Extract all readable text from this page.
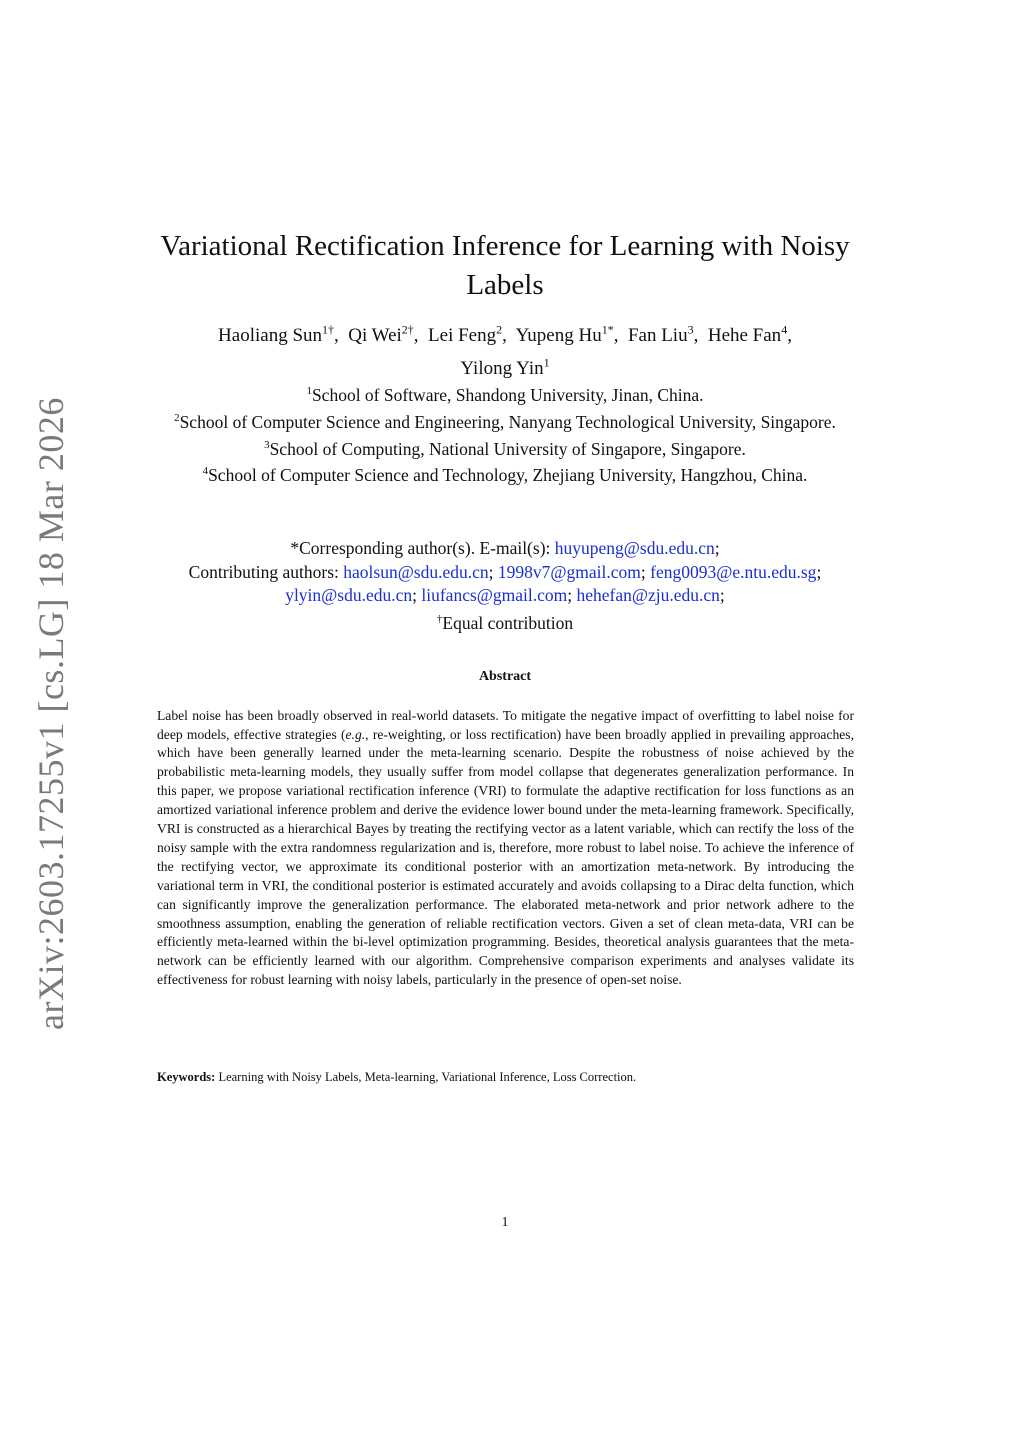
arXiv:2603.17255v1 [cs.LG] 18 Mar 2026
Variational Rectification Inference for Learning with Noisy Labels
Haoliang Sun$^{1\dagger}$, Qi Wei$^{2\dagger}$, Lei Feng$^2$, Yupeng $Hu^{1*}$, Fan Liu$^3$, Hehe Fan$^4$,
Yilong Yin$^1$
$^1$School of Software, Shandong University, Jinan, China.
$^2$School of Computer Science and Engineering, Nanyang Technological University, Singapore.
$^3$School of Computing, National University of Singapore, Singapore.
$^4$School of Computer Science and Technology, Zhejiang University, Hangzhou, China.
*Corresponding author(s). E-mail(s): huyupeng@sdu.edu.cn;
Contributing authors: haolsun@sdu.edu.cn; 1998v7@gmail.com; feng0093@e.ntu.edu.sg;
ylyin@sdu.edu.cn; liufancs@gmail.com; hehefan@zju.edu.cn;
†Equal contribution
Abstract

Label noise has been broadly observed in real-world datasets. To mitigate the negative impact of overfitting to label noise for deep models, effective strategies (e.g., re-weighting, or loss rectification) have been broadly applied in prevailing approaches, which have been generally learned under the meta-learning scenario. Despite the robustness of noise achieved by the probabilistic meta-learning models, they usually suffer from model collapse that degenerates generalization performance. In this paper, we propose variational rectification inference (VRI) to formulate the adaptive rectification for loss functions as an amortized variational inference problem and derive the evidence lower bound under the meta-learning framework. Specifically, VRI is constructed as a hierarchical Bayes by treating the rectifying vector as a latent variable, which can rectify the loss of the noisy sample with the extra randomness regularization and is, therefore, more robust to label noise. To achieve the inference of the rectifying vector, we approximate its conditional posterior with an amortization meta-network. By introducing the variational term in VRI, the conditional posterior is estimated accurately and avoids collapsing to a Dirac delta function, which can significantly improve the generalization performance. The elaborated meta-network and prior network adhere to the smoothness assumption, enabling the generation of reliable rectification vectors. Given a set of clean meta-data, VRI can be efficiently meta-learned within the bi-level optimization programming. Besides, theoretical analysis guarantees that the meta-network can be efficiently learned with our algorithm. Comprehensive comparison experiments and analyses validate its effectiveness for robust learning with noisy labels, particularly in the presence of open-set noise.

Keywords: Learning with Noisy Labels, Meta-learning, Variational Inference, Loss Correction.
1
